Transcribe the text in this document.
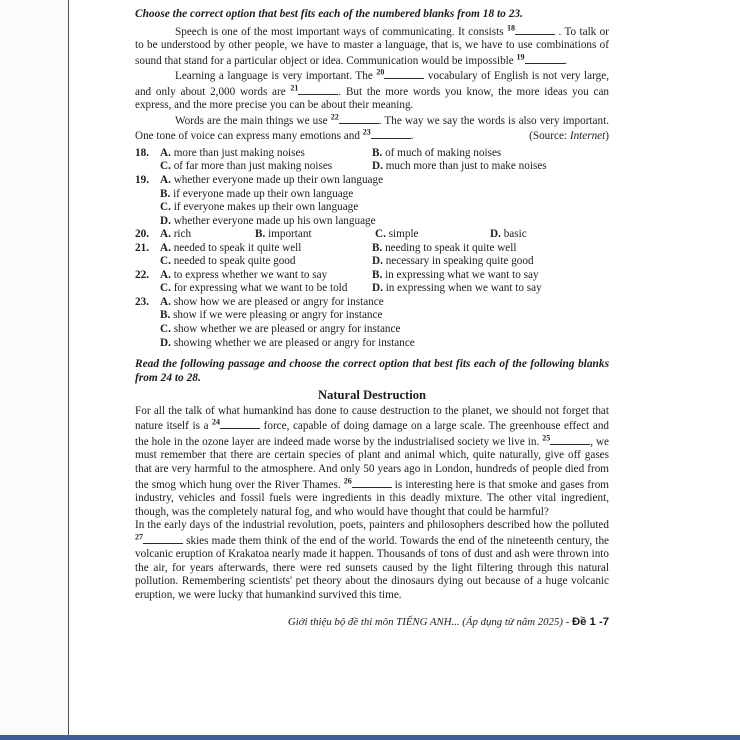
Choose the correct option that best fits each of the numbered blanks from 18 to 23.

Speech is one of the most important ways of communicating. It consists $^{18}$	. To talk or to be understood by other people, we have to master a language, that is, we have to use combinations of sound that stand for a particular object or idea. Communication would be impossible $^{19}$	.

Learning a language is very important. The $^{20}$	vocabulary of English is not very large, and only about 2,000 words are $^{21}$	. But the more words you know, the more ideas you can express, and the more precise you can be about their meaning.

Words are the main things we use $^{22}$	. The way we say the words is also very important. One tone of voice can express many emotions and $^{23}$	.	(Source: Internet)

18. A. more than just making noises	B. of much of making noises
C. of far more than just making noises	D. much more than just to make noises
19. A. whether everyone made up their own language
B. if everyone made up their own language
C. if everyone makes up their own language
D. whether everyone made up his own language
20. A. rich	B. important	C. simple	D. basic
21. A. needed to speak it quite well	B. needing to speak it quite well
C. needed to speak quite good	D. necessary in speaking quite good
22. A. to express whether we want to say	B. in expressing what we want to say
C. for expressing what we want to be told	D. in expressing when we want to say
23. A. show how we are pleased or angry for instance
B. show if we were pleasing or angry for instance
C. show whether we are pleased or angry for instance
D. showing whether we are pleased or angry for instance

Read the following passage and choose the correct option that best fits each of the following blanks from 24 to 28.

Natural Destruction

For all the talk of what humankind has done to cause destruction to the planet, we should not forget that nature itself is a $^{24}$	force, capable of doing damage on a large scale. The greenhouse effect and the hole in the ozone layer are indeed made worse by the industrialised society we live in. $^{25}$	, we must remember that there are certain species of plant and animal which, quite naturally, give off gases that are very harmful to the atmosphere. And only 50 years ago in London, hundreds of people died from the smog which hung over the River Thames. $^{26}$	is interesting here is that smoke and gases from industry, vehicles and fossil fuels were ingredients in this deadly mixture. The other vital ingredient, though, was the completely natural fog, and who would have thought that could be harmful?

In the early days of the industrial revolution, poets, painters and philosophers described how the polluted $^{27}$	skies made them think of the end of the world. Towards the end of the nineteenth century, the volcanic eruption of Krakatoa nearly made it happen. Thousands of tons of dust and ash were thrown into the air, for years afterwards, there were red sunsets caused by the light filtering through this natural pollution. Remembering scientists' pet theory about the dinosaurs dying out because of a huge volcanic eruption, we were lucky that humankind survived this time.

Giới thiệu bộ đề thi môn TIẾNG ANH... (Áp dụng từ năm 2025) - Đề 1 -7
